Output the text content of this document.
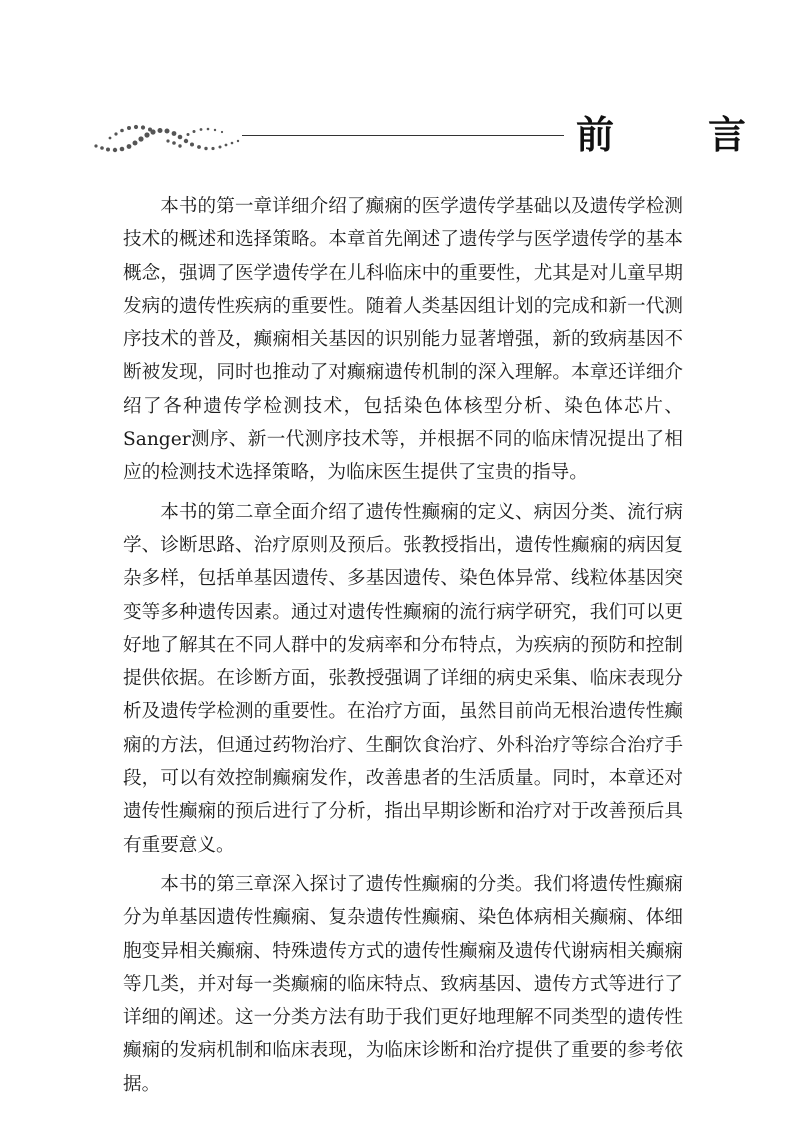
前　言

本书的第一章详细介绍了癫痫的医学遗传学基础以及遗传学检测技术的概述和选择策略。本章首先阐述了遗传学与医学遗传学的基本概念，强调了医学遗传学在儿科临床中的重要性，尤其是对儿童早期发病的遗传性疾病的重要性。随着人类基因组计划的完成和新一代测序技术的普及，癫痫相关基因的识别能力显著增强，新的致病基因不断被发现，同时也推动了对癫痫遗传机制的深入理解。本章还详细介绍了各种遗传学检测技术，包括染色体核型分析、染色体芯片、Sanger测序、新一代测序技术等，并根据不同的临床情况提出了相应的检测技术选择策略，为临床医生提供了宝贵的指导。

本书的第二章全面介绍了遗传性癫痫的定义、病因分类、流行病学、诊断思路、治疗原则及预后。张教授指出，遗传性癫痫的病因复杂多样，包括单基因遗传、多基因遗传、染色体异常、线粒体基因突变等多种遗传因素。通过对遗传性癫痫的流行病学研究，我们可以更好地了解其在不同人群中的发病率和分布特点，为疾病的预防和控制提供依据。在诊断方面，张教授强调了详细的病史采集、临床表现分析及遗传学检测的重要性。在治疗方面，虽然目前尚无根治遗传性癫痫的方法，但通过药物治疗、生酮饮食治疗、外科治疗等综合治疗手段，可以有效控制癫痫发作，改善患者的生活质量。同时，本章还对遗传性癫痫的预后进行了分析，指出早期诊断和治疗对于改善预后具有重要意义。

本书的第三章深入探讨了遗传性癫痫的分类。我们将遗传性癫痫分为单基因遗传性癫痫、复杂遗传性癫痫、染色体病相关癫痫、体细胞变异相关癫痫、特殊遗传方式的遗传性癫痫及遗传代谢病相关癫痫等几类，并对每一类癫痫的临床特点、致病基因、遗传方式等进行了详细的阐述。这一分类方法有助于我们更好地理解不同类型的遗传性癫痫的发病机制和临床表现，为临床诊断和治疗提供了重要的参考依据。
